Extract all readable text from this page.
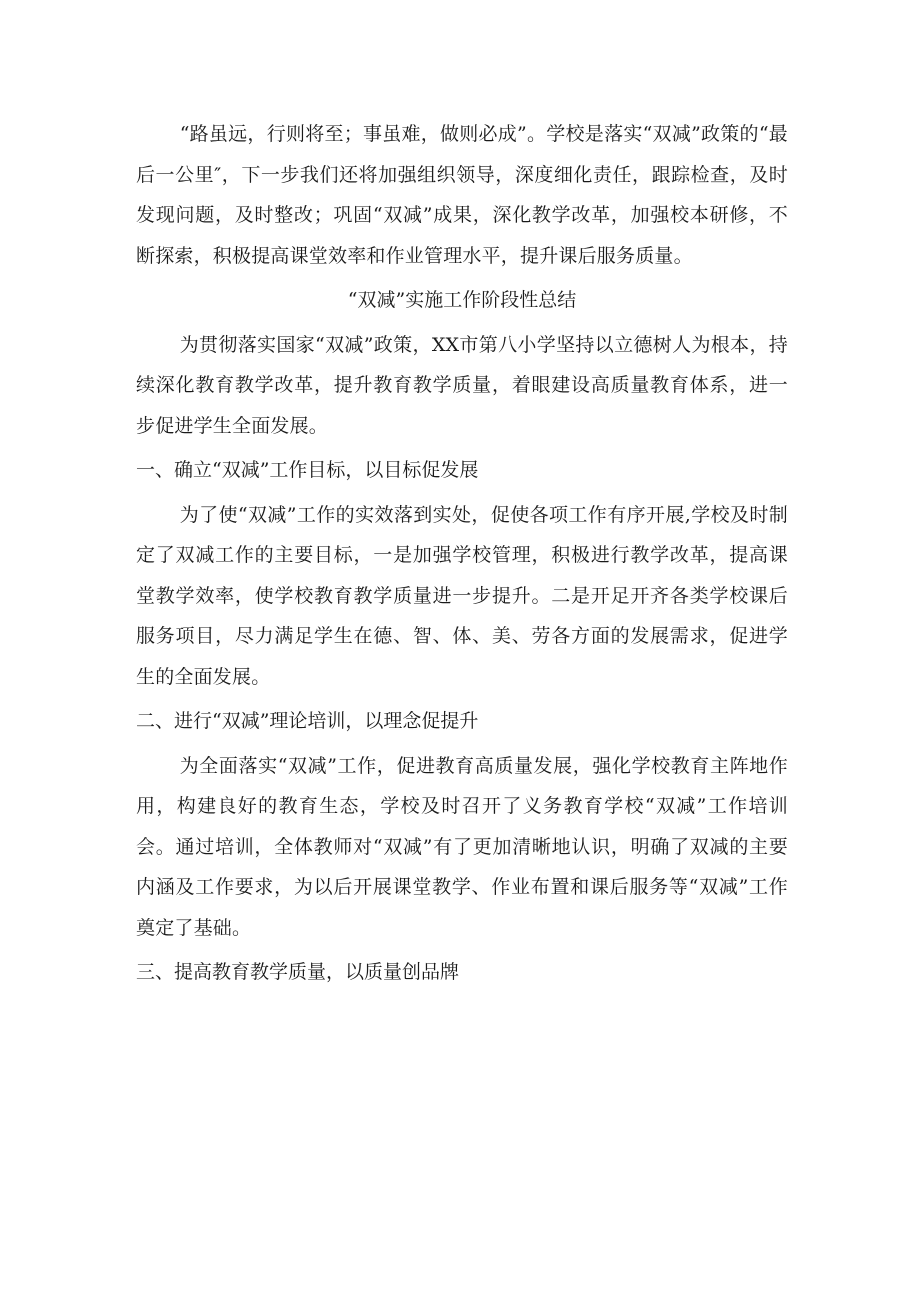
“路虽远，行则将至；事虽难，做则必成”。学校是落实“双减”政策的“最后一公里″，下一步我们还将加强组织领导，深度细化责任，跟踪检查，及时发现问题，及时整改；巩固“双减”成果，深化教学改革，加强校本研修，不断探索，积极提高课堂效率和作业管理水平，提升课后服务质量。

“双减”实施工作阶段性总结

为贯彻落实国家“双减”政策，XX市第八小学坚持以立德树人为根本，持续深化教育教学改革，提升教育教学质量，着眼建设高质量教育体系，进一步促进学生全面发展。

一、确立“双减”工作目标，以目标促发展

为了使“双减”工作的实效落到实处，促使各项工作有序开展,学校及时制定了双减工作的主要目标，一是加强学校管理，积极进行教学改革，提高课堂教学效率，使学校教育教学质量进一步提升。二是开足开齐各类学校课后服务项目，尽力满足学生在德、智、体、美、劳各方面的发展需求，促进学生的全面发展。

二、进行“双减”理论培训，以理念促提升

为全面落实“双减”工作，促进教育高质量发展，强化学校教育主阵地作用，构建良好的教育生态，学校及时召开了义务教育学校“双减”工作培训会。通过培训，全体教师对“双减”有了更加清晰地认识，明确了双减的主要内涵及工作要求，为以后开展课堂教学、作业布置和课后服务等“双减”工作奠定了基础。

三、提高教育教学质量，以质量创品牌
